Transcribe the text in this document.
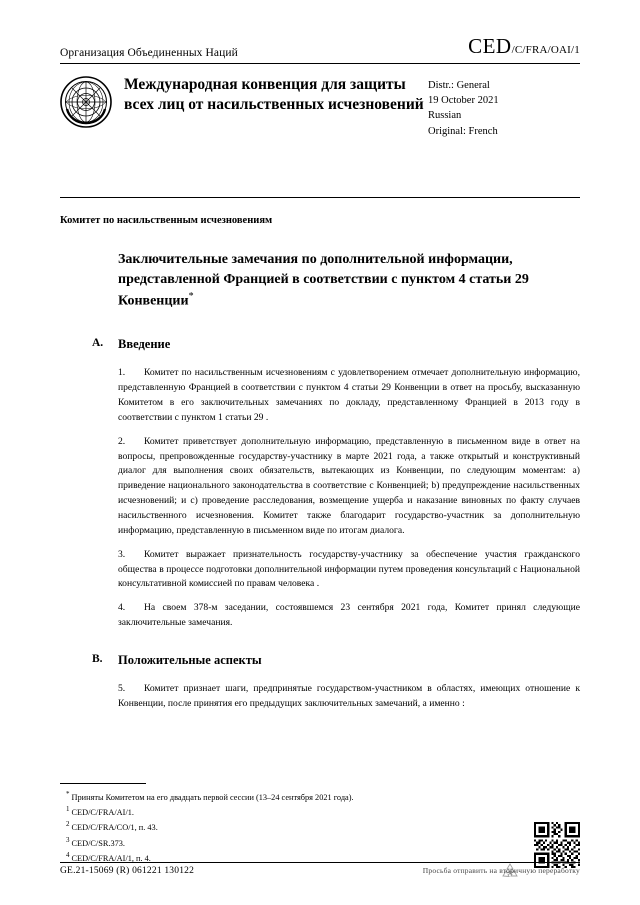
Организация Объединенных Наций	CED/C/FRA/OAI/1
Международная конвенция для защиты всех лиц от насильственных исчезновений
Distr.: General
19 October 2021
Russian
Original: French
Комитет по насильственным исчезновениям
Заключительные замечания по дополнительной информации, представленной Францией в соответствии с пунктом 4 статьи 29 Конвенции*
A.	Введение
1. Комитет по насильственным исчезновениям с удовлетворением отмечает дополнительную информацию, представленную Францией в соответствии с пунктом 4 статьи 29 Конвенции в ответ на просьбу, высказанную Комитетом в его заключительных замечаниях по докладу, представленному Францией в 2013 году в соответствии с пунктом 1 статьи 29 .
2. Комитет приветствует дополнительную информацию, представленную в письменном виде в ответ на вопросы, препровожденные государству-участнику в марте 2021 года, а также открытый и конструктивный диалог для выполнения своих обязательств, вытекающих из Конвенции, по следующим моментам: a) приведение национального законодательства в соответствие с Конвенцией; b) предупреждение насильственных исчезновений; и c) проведение расследования, возмещение ущерба и наказание виновных по факту случаев насильственного исчезновения. Комитет также благодарит государство-участник за дополнительную информацию, представленную в письменном виде по итогам диалога.
3. Комитет выражает признательность государству-участнику за обеспечение участия гражданского общества в процессе подготовки дополнительной информации путем проведения консультаций с Национальной консультативной комиссией по правам человека .
4. На своем 378-м заседании, состоявшемся 23 сентября 2021 года, Комитет принял следующие заключительные замечания.
B.	Положительные аспекты
5. Комитет признает шаги, предпринятые государством-участником в областях, имеющих отношение к Конвенции, после принятия его предыдущих заключительных замечаний, а именно :
* Приняты Комитетом на его двадцать первой сессии (13–24 сентября 2021 года).
$^1$ CED/C/FRA/AI/1.
$^2$ CED/C/FRA/CO/1, п. 43.
$^3$ CED/C/SR.373.
$^4$ CED/C/FRA/AI/1, п. 4.
GE.21-15069 (R) 061221 130122	Просьба отправить на вторичную переработку
